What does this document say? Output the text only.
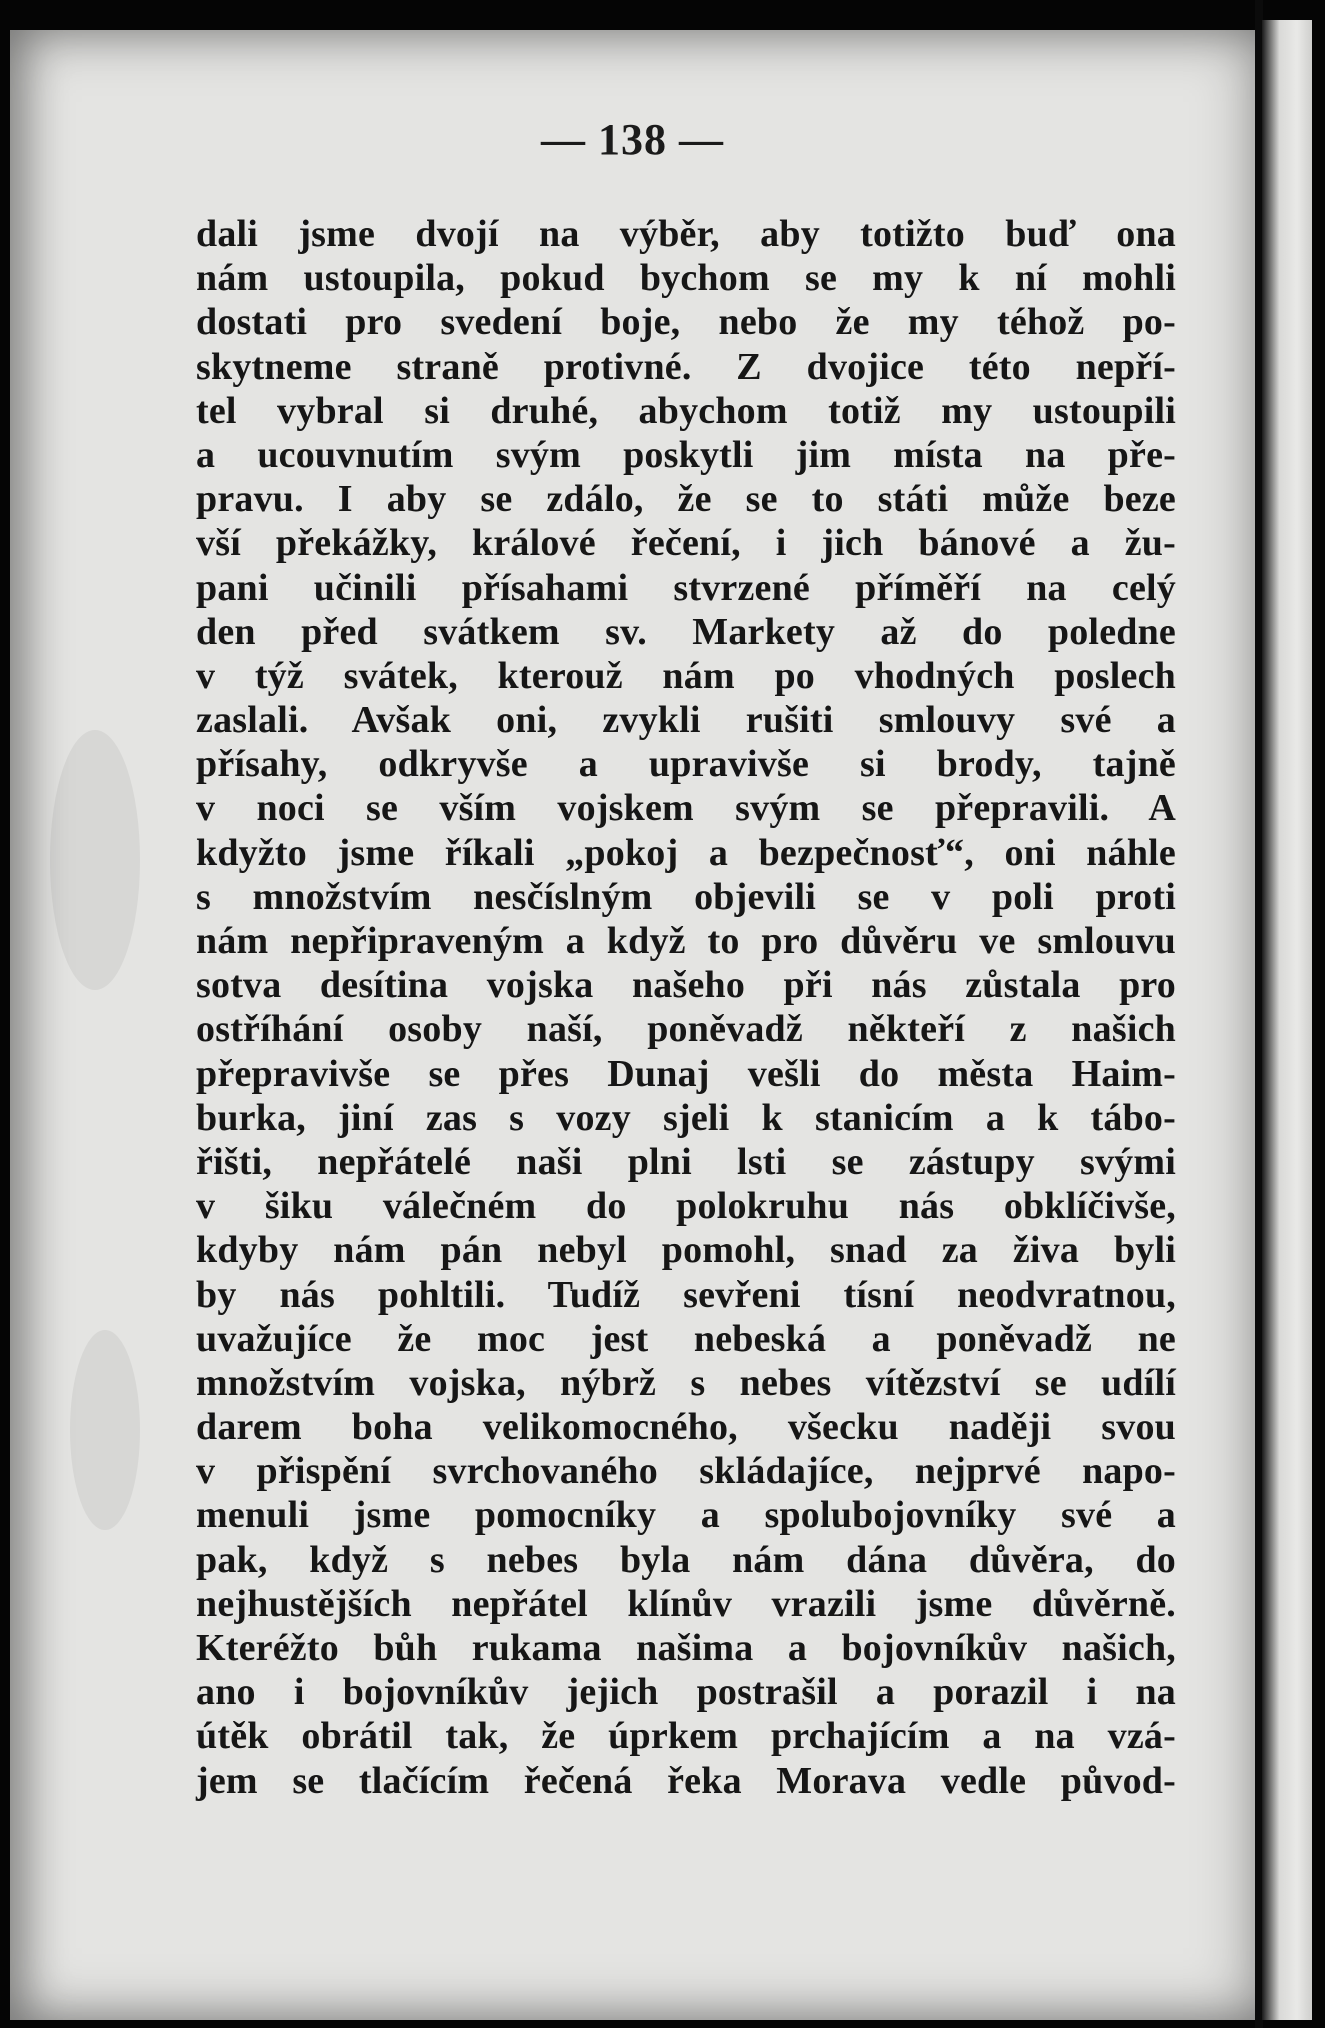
— 138 —
dali jsme dvojí na výběr, aby totižto buď ona
nám ustoupila, pokud bychom se my k ní mohli
dostati pro svedení boje, nebo že my téhož po-
skytneme straně protivné. Z dvojice této nepří-
tel vybral si druhé, abychom totiž my ustoupili
a ucouvnutím svým poskytli jim místa na pře-
pravu. I aby se zdálo, že se to státi může beze
vší překážky, králové řečení, i jich bánové a žu-
pani učinili přísahami stvrzené příměří na celý
den před svátkem sv. Markety až do poledne
v týž svátek, kterouž nám po vhodných poslech
zaslali. Avšak oni, zvykli rušiti smlouvy své a
přísahy, odkryvše a upravivše si brody, tajně
v noci se vším vojskem svým se přepravili. A
kdyžto jsme říkali „pokoj a bezpečnosť“, oni náhle
s množstvím nesčíslným objevili se v poli proti
nám nepřipraveným a když to pro důvěru ve smlouvu
sotva desítina vojska našeho při nás zůstala pro
ostříhání osoby naší, poněvadž někteří z našich
přepravivše se přes Dunaj vešli do města Haim-
burka, jiní zas s vozy sjeli k stanicím a k tábo-
řišti, nepřátelé naši plni lsti se zástupy svými
v šiku válečném do polokruhu nás obklíčivše,
kdyby nám pán nebyl pomohl, snad za živa byli
by nás pohltili. Tudíž sevřeni tísní neodvratnou,
uvažujíce že moc jest nebeská a poněvadž ne
množstvím vojska, nýbrž s nebes vítězství se udílí
darem boha velikomocného, všecku naději svou
v přispění svrchovaného skládajíce, nejprvé napo-
menuli jsme pomocníky a spolubojovníky své a
pak, když s nebes byla nám dána důvěra, do
nejhustějších nepřátel klínův vrazili jsme důvěrně.
Kteréžto bůh rukama našima a bojovníkův našich,
ano i bojovníkův jejich postrašil a porazil i na
útěk obrátil tak, že úprkem prchajícím a na vzá-
jem se tlačícím řečená řeka Morava vedle původ-
